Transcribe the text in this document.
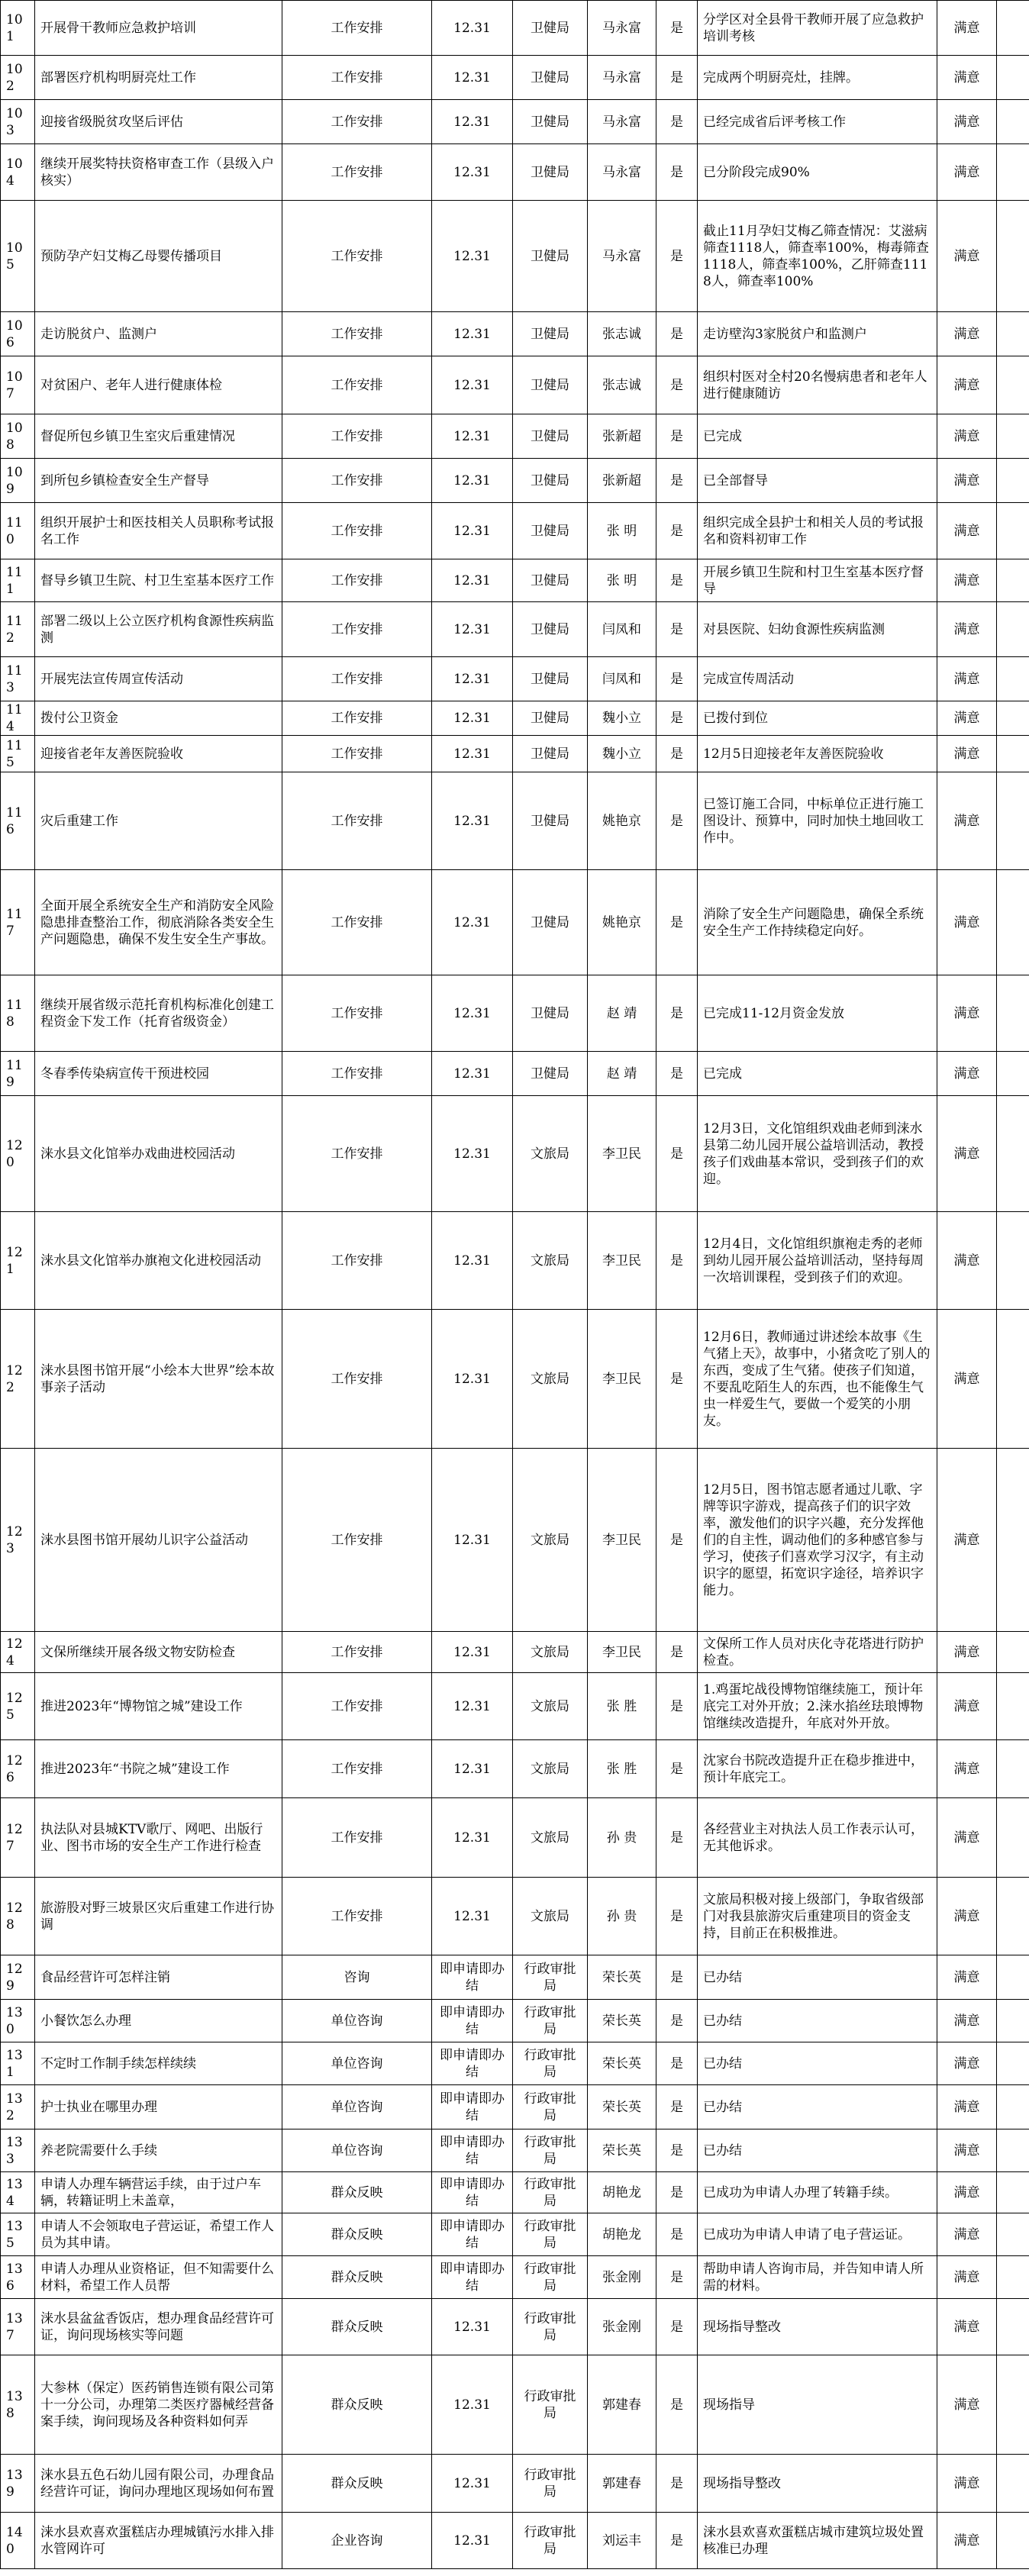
101	开展骨干教师应急救护培训	工作安排	12.31	卫健局	马永富	是	分学区对全县骨干教师开展了应急救护培训考核	满意	
102	部署医疗机构明厨亮灶工作	工作安排	12.31	卫健局	马永富	是	完成两个明厨亮灶，挂牌。	满意	
103	迎接省级脱贫攻坚后评估	工作安排	12.31	卫健局	马永富	是	已经完成省后评考核工作	满意	
104	继续开展奖特扶资格审查工作（县级入户核实）	工作安排	12.31	卫健局	马永富	是	已分阶段完成90%	满意	
105	预防孕产妇艾梅乙母婴传播项目	工作安排	12.31	卫健局	马永富	是	截止11月孕妇艾梅乙筛查情况：艾滋病筛查1118人，筛查率100%，梅毒筛查1118人，筛查率100%，乙肝筛查1118人，筛查率100%	满意	
106	走访脱贫户、监测户	工作安排	12.31	卫健局	张志诚	是	走访壁沟3家脱贫户和监测户	满意	
107	对贫困户、老年人进行健康体检	工作安排	12.31	卫健局	张志诚	是	组织村医对全村20名慢病患者和老年人进行健康随访	满意	
108	督促所包乡镇卫生室灾后重建情况	工作安排	12.31	卫健局	张新超	是	已完成	满意	
109	到所包乡镇检查安全生产督导	工作安排	12.31	卫健局	张新超	是	已全部督导	满意	
110	组织开展护士和医技相关人员职称考试报名工作	工作安排	12.31	卫健局	张 明	是	组织完成全县护士和相关人员的考试报名和资料初审工作	满意	
111	督导乡镇卫生院、村卫生室基本医疗工作	工作安排	12.31	卫健局	张 明	是	开展乡镇卫生院和村卫生室基本医疗督导	满意	
112	部署二级以上公立医疗机构食源性疾病监测	工作安排	12.31	卫健局	闫凤和	是	对县医院、妇幼食源性疾病监测	满意	
113	开展宪法宣传周宣传活动	工作安排	12.31	卫健局	闫凤和	是	完成宣传周活动	满意	
114	拨付公卫资金	工作安排	12.31	卫健局	魏小立	是	已拨付到位	满意	
115	迎接省老年友善医院验收	工作安排	12.31	卫健局	魏小立	是	12月5日迎接老年友善医院验收	满意	
116	灾后重建工作	工作安排	12.31	卫健局	姚艳京	是	已签订施工合同，中标单位正进行施工图设计、预算中，同时加快土地回收工作中。	满意	
117	全面开展全系统安全生产和消防安全风险隐患排查整治工作，彻底消除各类安全生产问题隐患，确保不发生安全生产事故。	工作安排	12.31	卫健局	姚艳京	是	消除了安全生产问题隐患，确保全系统安全生产工作持续稳定向好。	满意	
118	继续开展省级示范托育机构标准化创建工程资金下发工作（托育省级资金）	工作安排	12.31	卫健局	赵 靖	是	已完成11-12月资金发放	满意	
119	冬春季传染病宣传干预进校园	工作安排	12.31	卫健局	赵 靖	是	已完成	满意	
120	涞水县文化馆举办戏曲进校园活动	工作安排	12.31	文旅局	李卫民	是	12月3日，文化馆组织戏曲老师到涞水县第二幼儿园开展公益培训活动，教授孩子们戏曲基本常识，受到孩子们的欢迎。	满意	
121	涞水县文化馆举办旗袍文化进校园活动	工作安排	12.31	文旅局	李卫民	是	12月4日，文化馆组织旗袍走秀的老师到幼儿园开展公益培训活动，坚持每周一次培训课程，受到孩子们的欢迎。	满意	
122	涞水县图书馆开展“小绘本大世界”绘本故事亲子活动	工作安排	12.31	文旅局	李卫民	是	12月6日，教师通过讲述绘本故事《生气猪上天》，故事中，小猪贪吃了别人的东西，变成了生气猪。使孩子们知道，不要乱吃陌生人的东西，也不能像生气虫一样爱生气，要做一个爱笑的小朋友。	满意	
123	涞水县图书馆开展幼儿识字公益活动	工作安排	12.31	文旅局	李卫民	是	12月5日，图书馆志愿者通过儿歌、字牌等识字游戏，提高孩子们的识字效率，激发他们的识字兴趣，充分发挥他们的自主性，调动他们的多种感官参与学习，使孩子们喜欢学习汉字，有主动识字的愿望，拓宽识字途径，培养识字能力。	满意	
124	文保所继续开展各级文物安防检查	工作安排	12.31	文旅局	李卫民	是	文保所工作人员对庆化寺花塔进行防护检查。	满意	
125	推进2023年“博物馆之城”建设工作	工作安排	12.31	文旅局	张 胜	是	1.鸡蛋坨战役博物馆继续施工，预计年底完工对外开放；2.涞水掐丝珐琅博物馆继续改造提升，年底对外开放。	满意	
126	推进2023年“书院之城”建设工作	工作安排	12.31	文旅局	张 胜	是	沈家台书院改造提升正在稳步推进中，预计年底完工。	满意	
127	执法队对县城KTV歌厅、网吧、出版行业、图书市场的安全生产工作进行检查	工作安排	12.31	文旅局	孙 贵	是	各经营业主对执法人员工作表示认可，无其他诉求。	满意	
128	旅游股对野三坡景区灾后重建工作进行协调	工作安排	12.31	文旅局	孙 贵	是	文旅局积极对接上级部门，争取省级部门对我县旅游灾后重建项目的资金支持，目前正在积极推进。	满意	
129	食品经营许可怎样注销	咨询	即申请即办结	行政审批局	荣长英	是	已办结	满意	
130	小餐饮怎么办理	单位咨询	即申请即办结	行政审批局	荣长英	是	已办结	满意	
131	不定时工作制手续怎样续续	单位咨询	即申请即办结	行政审批局	荣长英	是	已办结	满意	
132	护士执业在哪里办理	单位咨询	即申请即办结	行政审批局	荣长英	是	已办结	满意	
133	养老院需要什么手续	单位咨询	即申请即办结	行政审批局	荣长英	是	已办结	满意	
134	申请人办理车辆营运手续，由于过户车辆，转籍证明上未盖章，	群众反映	即申请即办结	行政审批局	胡艳龙	是	已成功为申请人办理了转籍手续。	满意	
135	申请人不会领取电子营运证，希望工作人员为其申请。	群众反映	即申请即办结	行政审批局	胡艳龙	是	已成功为申请人申请了电子营运证。	满意	
136	申请人办理从业资格证，但不知需要什么材料，希望工作人员帮	群众反映	即申请即办结	行政审批局	张金刚	是	帮助申请人咨询市局，并告知申请人所需的材料。	满意	
137	涞水县盆盆香饭店，想办理食品经营许可证，询问现场核实等问题	群众反映	12.31	行政审批局	张金刚	是	现场指导整改	满意	
138	大参林（保定）医药销售连锁有限公司第十一分公司，办理第二类医疗器械经营备案手续，询问现场及各种资料如何弄	群众反映	12.31	行政审批局	郭建春	是	现场指导	满意	
139	涞水县五色石幼儿园有限公司，办理食品经营许可证，询问办理地区现场如何布置	群众反映	12.31	行政审批局	郭建春	是	现场指导整改	满意	
140	涞水县欢喜欢蛋糕店办理城镇污水排入排水管网许可	企业咨询	12.31	行政审批局	刘运丰	是	涞水县欢喜欢蛋糕店城市建筑垃圾处置核准已办理	满意	
